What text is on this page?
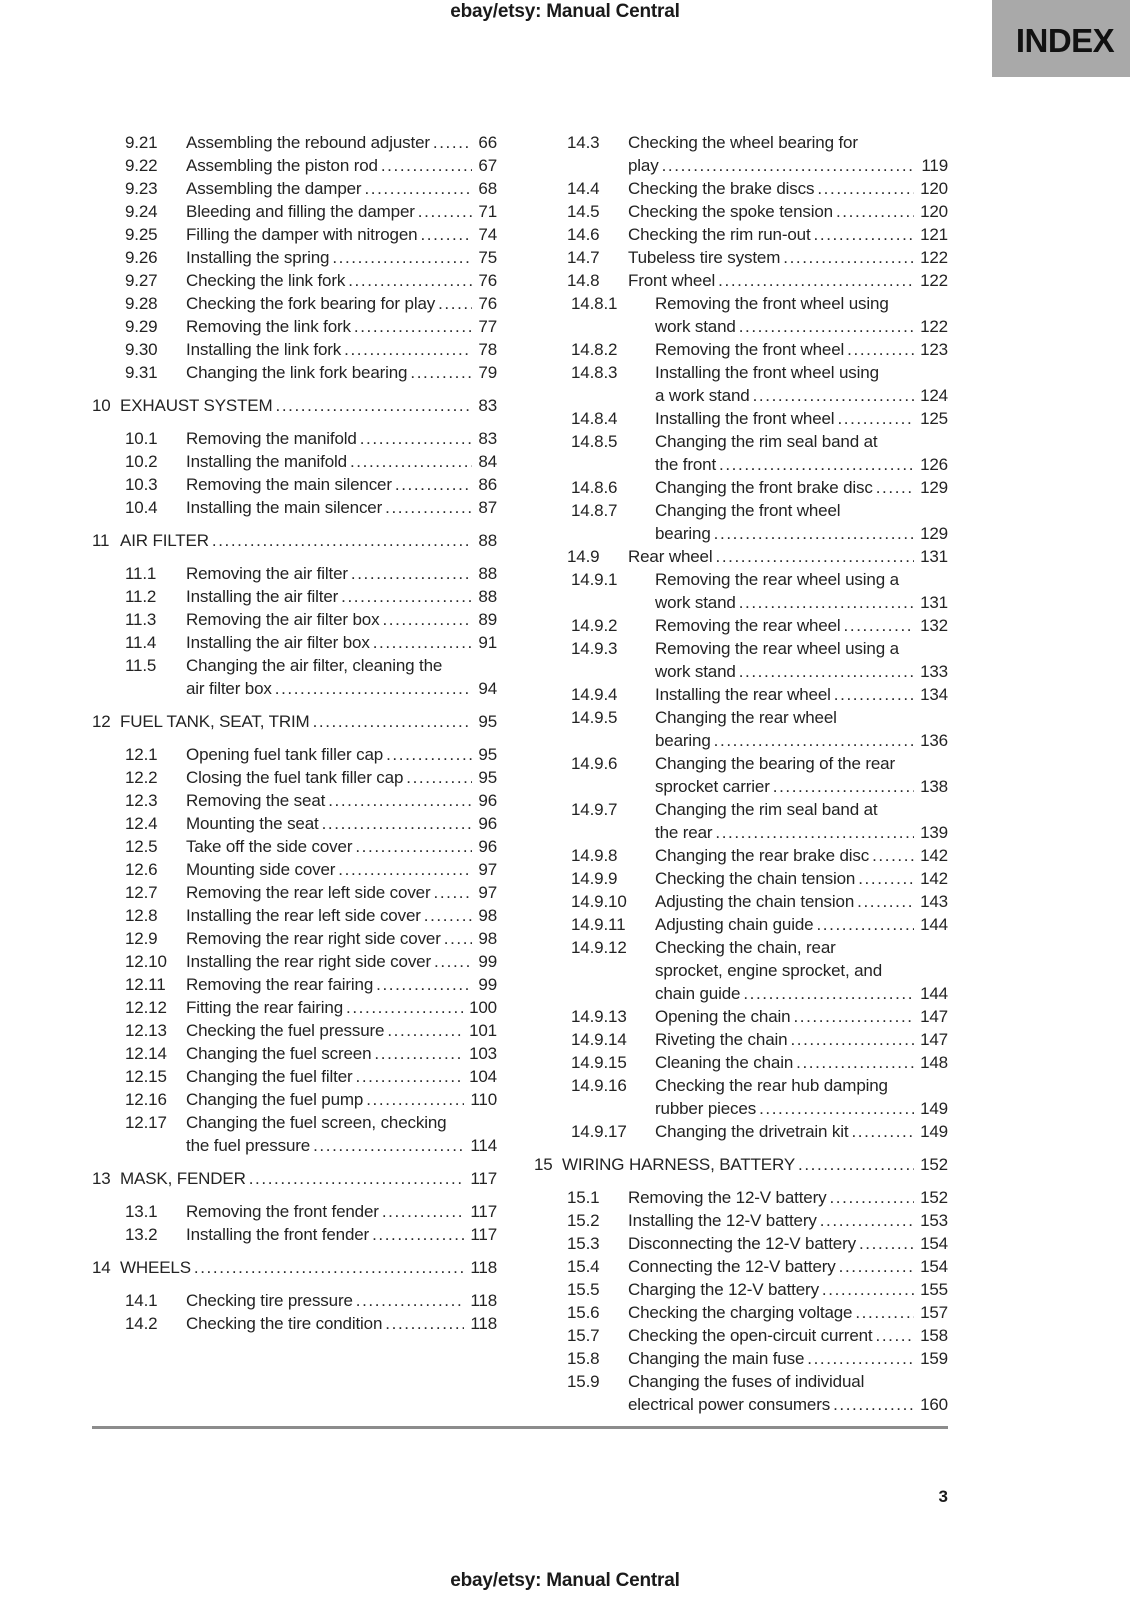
ebay/etsy: Manual Central
INDEX
9.21	Assembling the rebound adjuster .....	66
9.22	Assembling the piston rod .....	67
9.23	Assembling the damper .....	68
9.24	Bleeding and filling the damper .....	71
9.25	Filling the damper with nitrogen .....	74
9.26	Installing the spring .....	75
9.27	Checking the link fork .....	76
9.28	Checking the fork bearing for play .....	76
9.29	Removing the link fork .....	77
9.30	Installing the link fork .....	78
9.31	Changing the link fork bearing .....	79
10 EXHAUST SYSTEM .....	83
10.1	Removing the manifold .....	83
10.2	Installing the manifold .....	84
10.3	Removing the main silencer .....	86
10.4	Installing the main silencer .....	87
11 AIR FILTER .....	88
11.1	Removing the air filter .....	88
11.2	Installing the air filter .....	88
11.3	Removing the air filter box .....	89
11.4	Installing the air filter box .....	91
11.5	Changing the air filter, cleaning the
air filter box .....	94
12 FUEL TANK, SEAT, TRIM .....	95
12.1	Opening fuel tank filler cap .....	95
12.2	Closing the fuel tank filler cap .....	95
12.3	Removing the seat .....	96
12.4	Mounting the seat .....	96
12.5	Take off the side cover .....	96
12.6	Mounting side cover .....	97
12.7	Removing the rear left side cover .....	97
12.8	Installing the rear left side cover .....	98
12.9	Removing the rear right side cover ..... 98
12.10	Installing the rear right side cover .....	99
12.11	Removing the rear fairing .....	99
12.12	Fitting the rear fairing .....	100
12.13	Checking the fuel pressure .....	101
12.14	Changing the fuel screen .....	103
12.15	Changing the fuel filter .....	104
12.16	Changing the fuel pump .....	110
12.17	Changing the fuel screen, checking
the fuel pressure .....	114
13 MASK, FENDER .....	117
13.1	Removing the front fender .....	117
13.2	Installing the front fender .....	117
14 WHEELS .....	118
14.1	Checking tire pressure .....	118
14.2	Checking the tire condition .....	118
14.3	Checking the wheel bearing for
play .....	119
14.4	Checking the brake discs .....	120
14.5	Checking the spoke tension .....	120
14.6	Checking the rim run-out .....	121
14.7	Tubeless tire system .....	122
14.8	Front wheel .....	122
14.8.1	Removing the front wheel using
work stand .....	122
14.8.2	Removing the front wheel .....	123
14.8.3	Installing the front wheel using
a work stand .....	124
14.8.4	Installing the front wheel .....	125
14.8.5	Changing the rim seal band at
the front .....	126
14.8.6	Changing the front brake disc .....	129
14.8.7	Changing the front wheel
bearing .....	129
14.9	Rear wheel .....	131
14.9.1	Removing the rear wheel using a
work stand .....	131
14.9.2	Removing the rear wheel .....	132
14.9.3	Removing the rear wheel using a
work stand .....	133
14.9.4	Installing the rear wheel .....	134
14.9.5	Changing the rear wheel
bearing .....	136
14.9.6	Changing the bearing of the rear
sprocket carrier .....	138
14.9.7	Changing the rim seal band at
the rear .....	139
14.9.8	Changing the rear brake disc .....	142
14.9.9	Checking the chain tension .....	142
14.9.10	Adjusting the chain tension .....	143
14.9.11	Adjusting chain guide .....	144
14.9.12	Checking the chain, rear
sprocket, engine sprocket, and
chain guide .....	144
14.9.13	Opening the chain .....	147
14.9.14	Riveting the chain .....	147
14.9.15	Cleaning the chain .....	148
14.9.16	Checking the rear hub damping
rubber pieces .....	149
14.9.17	Changing the drivetrain kit .....	149
15 WIRING HARNESS, BATTERY .....	152
15.1	Removing the 12-V battery .....	152
15.2	Installing the 12-V battery .....	153
15.3	Disconnecting the 12-V battery .....	154
15.4	Connecting the 12-V battery .....	154
15.5	Charging the 12-V battery .....	155
15.6	Checking the charging voltage .....	157
15.7	Checking the open-circuit current .....	158
15.8	Changing the main fuse .....	159
15.9	Changing the fuses of individual
electrical power consumers .....	160
3
ebay/etsy: Manual Central
